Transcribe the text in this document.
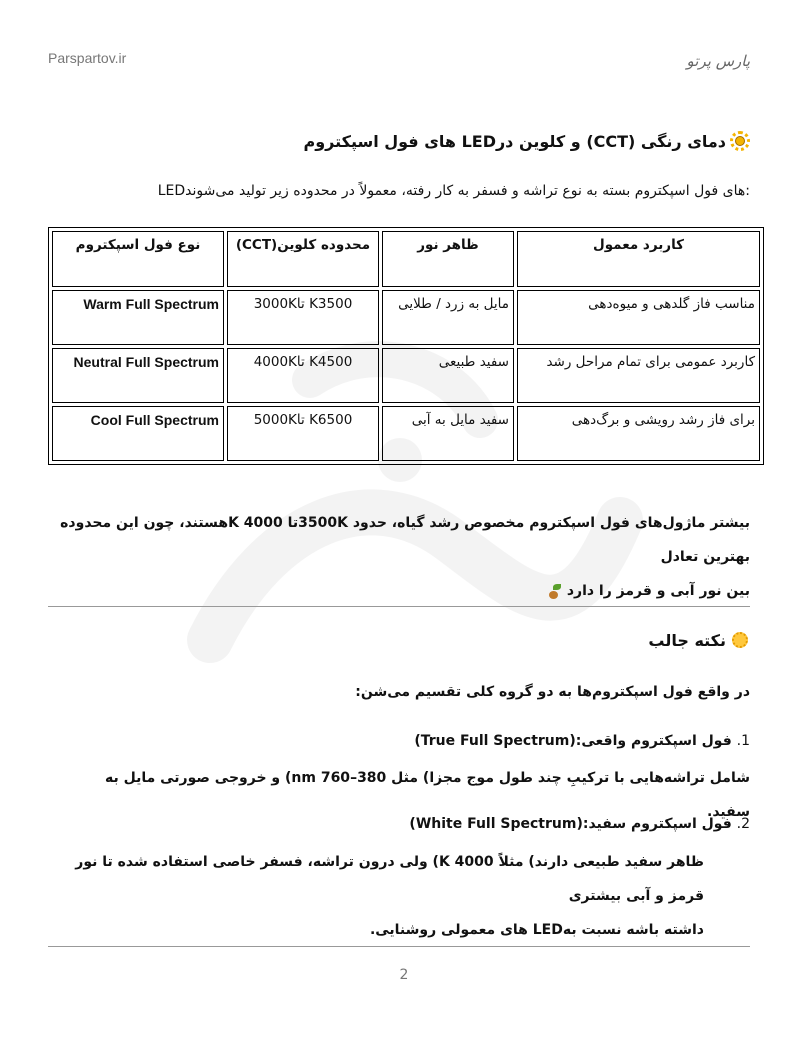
Parspartov.ir	پارس پرتو
دمای رنگی (CCT) و کلوین درLED های فول اسپکتروم
LEDهای فول اسپکتروم بسته به نوع تراشه و فسفر به کار رفته، معمولاً در محدوده زیر تولید می‌شوند:
کاربرد معمول	ظاهر نور	محدوده کلوین(CCT)	نوع فول اسپکتروم
مناسب فاز گلدهی و میوه‌دهی	مایل به زرد / طلایی	3000Kتا K3500	Warm Full Spectrum
کاربرد عمومی برای تمام مراحل رشد	سفید طبیعی	4000Kتا K4500	Neutral Full Spectrum
برای فاز رشد رویشی و برگ‌دهی	سفید مایل به آبی	5000Kتا K6500	Cool Full Spectrum
بیشتر ماژول‌های فول اسپکتروم مخصوص رشد گیاه، حدود 3500Kتا 4000 Kهستند، چون این محدوده بهترین تعادل
بین نور آبی و قرمز را دارد
نکته جالب
در واقع فول اسپکتروم‌ها به دو گروه کلی تقسیم می‌شن:
1. فول اسپکتروم واقعی:(True Full Spectrum)
شامل تراشه‌هایی با ترکیبِ چند طول موج مجزا) مثل 380–760 nm) و خروجی صورتی مایل به سفید.
2. فول اسپکتروم سفید:(White Full Spectrum)
ظاهر سفید طبیعی دارند) مثلاً 4000 K) ولی درون تراشه، فسفر خاصی استفاده شده تا نور قرمز و آبی بیشتری
داشته باشه نسبت بهLED های معمولی روشنایی.
2
